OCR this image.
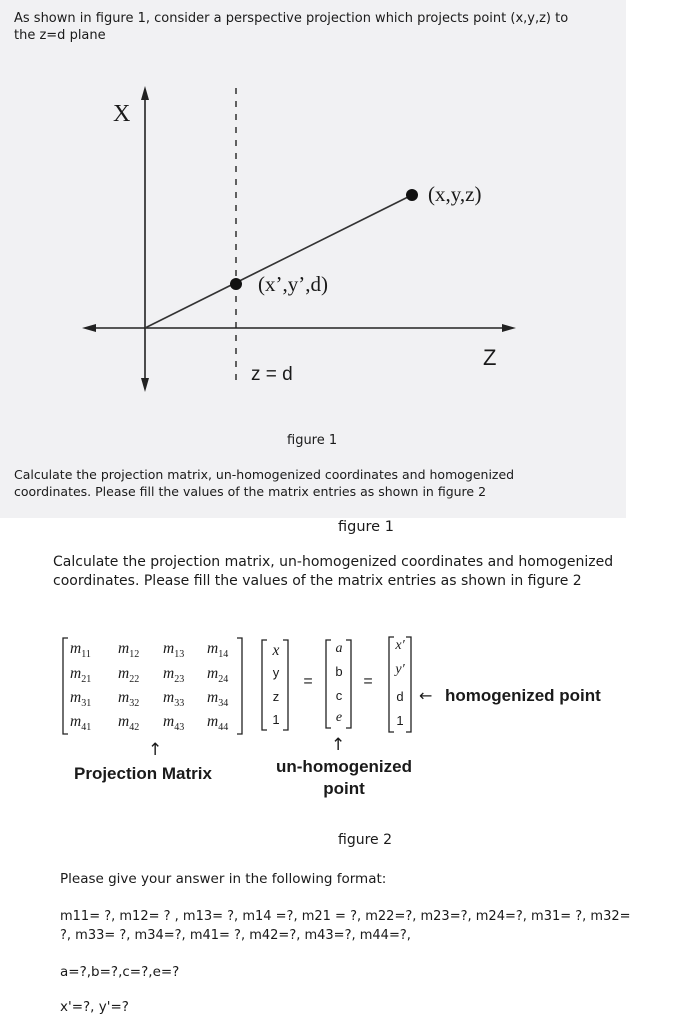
As shown in figure 1, consider a perspective projection which projects point (x,y,z) to
the z=d plane
X
(x,y,z)
(x’,y’,d)
Z
z = d
figure 1
Calculate the projection matrix, un-homogenized coordinates and homogenized
coordinates. Please fill the values of the matrix entries as shown in figure 2
figure 1
Calculate the projection matrix, un-homogenized coordinates and homogenized
coordinates. Please fill the values of the matrix entries as shown in figure 2
$m_{11}$ $m_{12}$ $m_{13}$ $m_{14}$
$m_{21}$ $m_{22}$ $m_{23}$ $m_{24}$
$m_{31}$ $m_{32}$ $m_{33}$ $m_{34}$
$m_{41}$ $m_{42}$ $m_{43}$ $m_{44}$
x
y
z
1
=
a
b
c
e
=
x′
y′
d
1
← homogenized point
↑	↑
Projection Matrix	un-homogenized
point
figure 2
Please give your answer in the following format:
m11= ?, m12= ? , m13= ?, m14 =?, m21 = ?, m22=?, m23=?, m24=?, m31= ?, m32=
?, m33= ?, m34=?, m41= ?, m42=?, m43=?, m44=?,
a=?,b=?,c=?,e=?
x'=?, y'=?
